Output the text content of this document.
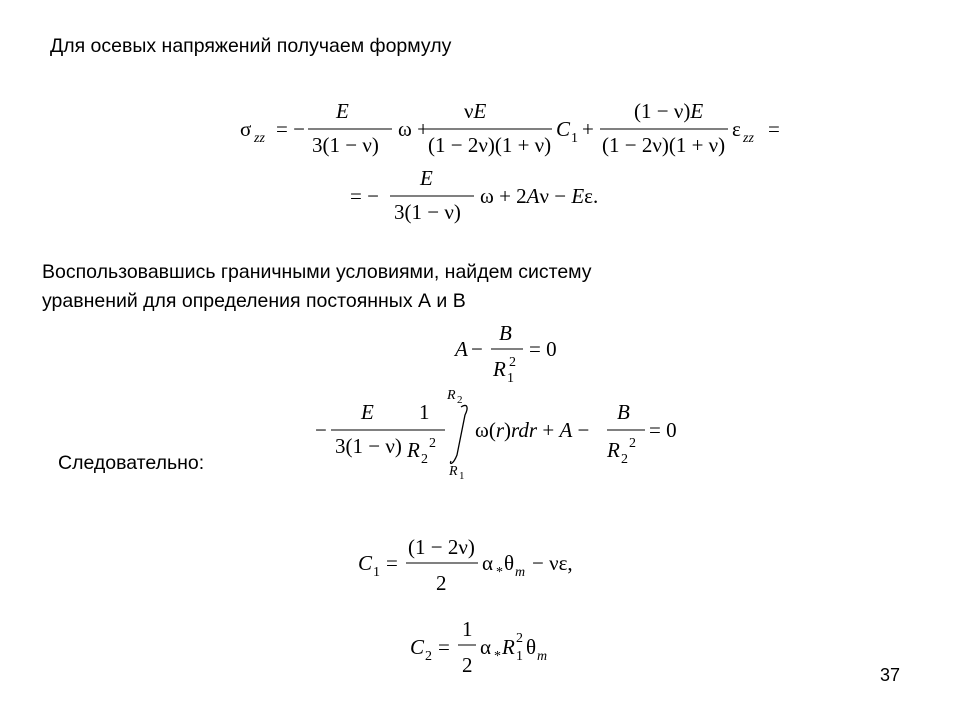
Для осевых напряжений получаем формулу
σ zz = −
E
3(1 − ν)
ω +
νE
(1 − 2ν)(1 + ν)
C 1 +
(1 − ν)E
(1 − 2ν)(1 + ν)
ε zz =
= −
E
3(1 − ν)
ω + 2Aν − Eε.
Воспользовавшись граничными условиями, найдем систему
уравнений для определения постоянных А и В
A −
B
R 1
2
= 0
−
E
3(1 − ν)
1
R 2
2
R 2
R 1
ω(r)rdr + A −
B
R 2
2
= 0
Следовательно:
C 1 =
(1 − 2ν)
2
α * θ m − νε,
C 2 =
1
2
α * R 1
2 θ m
37
